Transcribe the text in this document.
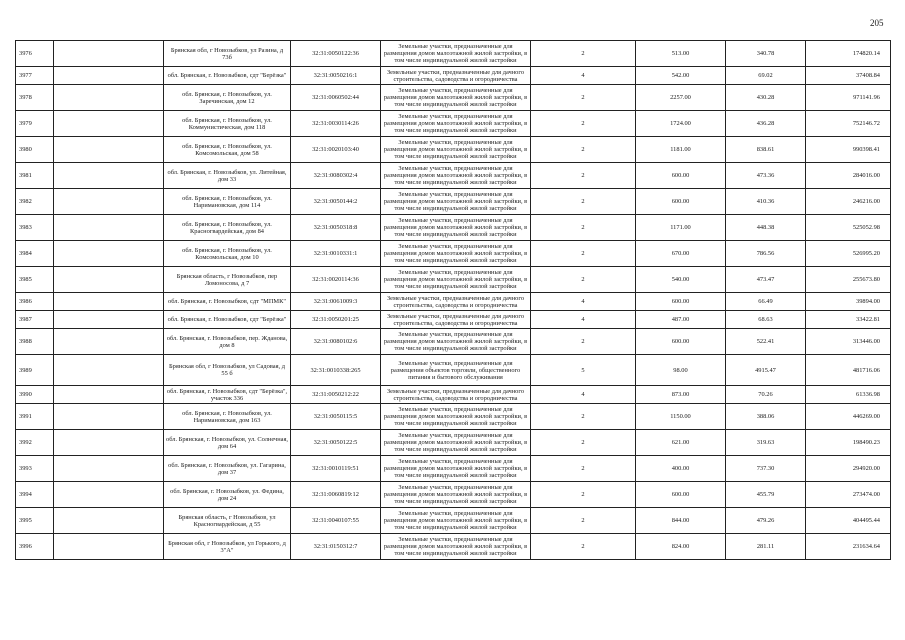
205
3976		Брянская обл, г Новозыбков, ул Разина, д 73б	32:31:0050122:36	Земельные участки, предназначенные для размещения домов малоэтажной жилой застройки, в том числе индивидуальной жилой застройки	2	513.00	340.78	174820.14
3977		обл. Брянская, г. Новозыбков, сдт "Берёзка"	32:31:0050216:1	Земельные участки, предназначенные для дачного строительства, садоводства и огородничества	4	542.00	69.02	37408.84
3978		обл. Брянская, г. Новозыбков, ул. Заречинская, дом 12	32:31:0060502:44	Земельные участки, предназначенные для размещения домов малоэтажной жилой застройки, в том числе индивидуальной жилой застройки	2	2257.00	430.28	971141.96
3979		обл. Брянская, г. Новозыбков, ул. Коммунистическая, дом 118	32:31:0030114:26	Земельные участки, предназначенные для размещения домов малоэтажной жилой застройки, в том числе индивидуальной жилой застройки	2	1724.00	436.28	752146.72
3980		обл. Брянская, г. Новозыбков, ул. Комсомольская, дом 58	32:31:0020103:40	Земельные участки, предназначенные для размещения домов малоэтажной жилой застройки, в том числе индивидуальной жилой застройки	2	1181.00	838.61	990398.41
3981		обл. Брянская, г. Новозыбков, ул. Литейная, дом 33	32:31:0080302:4	Земельные участки, предназначенные для размещения домов малоэтажной жилой застройки, в том числе индивидуальной жилой застройки	2	600.00	473.36	284016.00
3982		обл. Брянская, г. Новозыбков, ул. Наримановская, дом 114	32:31:0050144:2	Земельные участки, предназначенные для размещения домов малоэтажной жилой застройки, в том числе индивидуальной жилой застройки	2	600.00	410.36	246216.00
3983		обл. Брянская, г. Новозыбков, ул. Красногвардейская, дом 84	32:31:0050318:8	Земельные участки, предназначенные для размещения домов малоэтажной жилой застройки, в том числе индивидуальной жилой застройки	2	1171.00	448.38	525052.98
3984		обл. Брянская, г. Новозыбков, ул. Комсомольская, дом 10	32:31:0010331:1	Земельные участки, предназначенные для размещения домов малоэтажной жилой застройки, в том числе индивидуальной жилой застройки	2	670.00	786.56	526995.20
3985		Брянская область, г Новозыбков, пер Ломоносова, д 7	32:31:0020114:36	Земельные участки, предназначенные для размещения домов малоэтажной жилой застройки, в том числе индивидуальной жилой застройки	2	540.00	473.47	255673.80
3986		обл. Брянская, г. Новозыбков, сдт "МПМК"	32:31:0061009:3	Земельные участки, предназначенные для дачного строительства, садоводства и огородничества	4	600.00	66.49	39894.00
3987		обл. Брянская, г. Новозыбков, сдт "Берёзка"	32:31:0050201:25	Земельные участки, предназначенные для дачного строительства, садоводства и огородничества	4	487.00	68.63	33422.81
3988		обл. Брянская, г. Новозыбков, пер. Жданова, дом 8	32:31:0080102:6	Земельные участки, предназначенные для размещения домов малоэтажной жилой застройки, в том числе индивидуальной жилой застройки	2	600.00	522.41	313446.00
3989		Брянская обл, г Новозыбков, ул Садовая, д 55 б	32:31:0010338:265	Земельные участки, предназначенные для размещения объектов торговли, общественного питания и бытового обслуживания	5	98.00	4915.47	481716.06
3990		обл. Брянская, г. Новозыбков, сдт "Берёзка", участок 336	32:31:0050212:22	Земельные участки, предназначенные для дачного строительства, садоводства и огородничества	4	873.00	70.26	61336.98
3991		обл. Брянская, г. Новозыбков, ул. Наримановская, дом 163	32:31:0050115:5	Земельные участки, предназначенные для размещения домов малоэтажной жилой застройки, в том числе индивидуальной жилой застройки	2	1150.00	388.06	446269.00
3992		обл. Брянская, г. Новозыбков, ул. Солнечная, дом 64	32:31:0050122:5	Земельные участки, предназначенные для размещения домов малоэтажной жилой застройки, в том числе индивидуальной жилой застройки	2	621.00	319.63	198490.23
3993		обл. Брянская, г. Новозыбков, ул. Гагарина, дом 37	32:31:0010119:51	Земельные участки, предназначенные для размещения домов малоэтажной жилой застройки, в том числе индивидуальной жилой застройки	2	400.00	737.30	294920.00
3994		обл. Брянская, г. Новозыбков, ул. Федина, дом 24	32:31:0060819:12	Земельные участки, предназначенные для размещения домов малоэтажной жилой застройки, в том числе индивидуальной жилой застройки	2	600.00	455.79	273474.00
3995		Брянская область, г Новозыбков, ул Красногвардейская, д 55	32:31:0040107:55	Земельные участки, предназначенные для размещения домов малоэтажной жилой застройки, в том числе индивидуальной жилой застройки	2	844.00	479.26	404495.44
3996		Брянская обл, г Новозыбков, ул Горького, д 3"А"	32:31:0150312:7	Земельные участки, предназначенные для размещения домов малоэтажной жилой застройки, в том числе индивидуальной жилой застройки	2	824.00	281.11	231634.64
